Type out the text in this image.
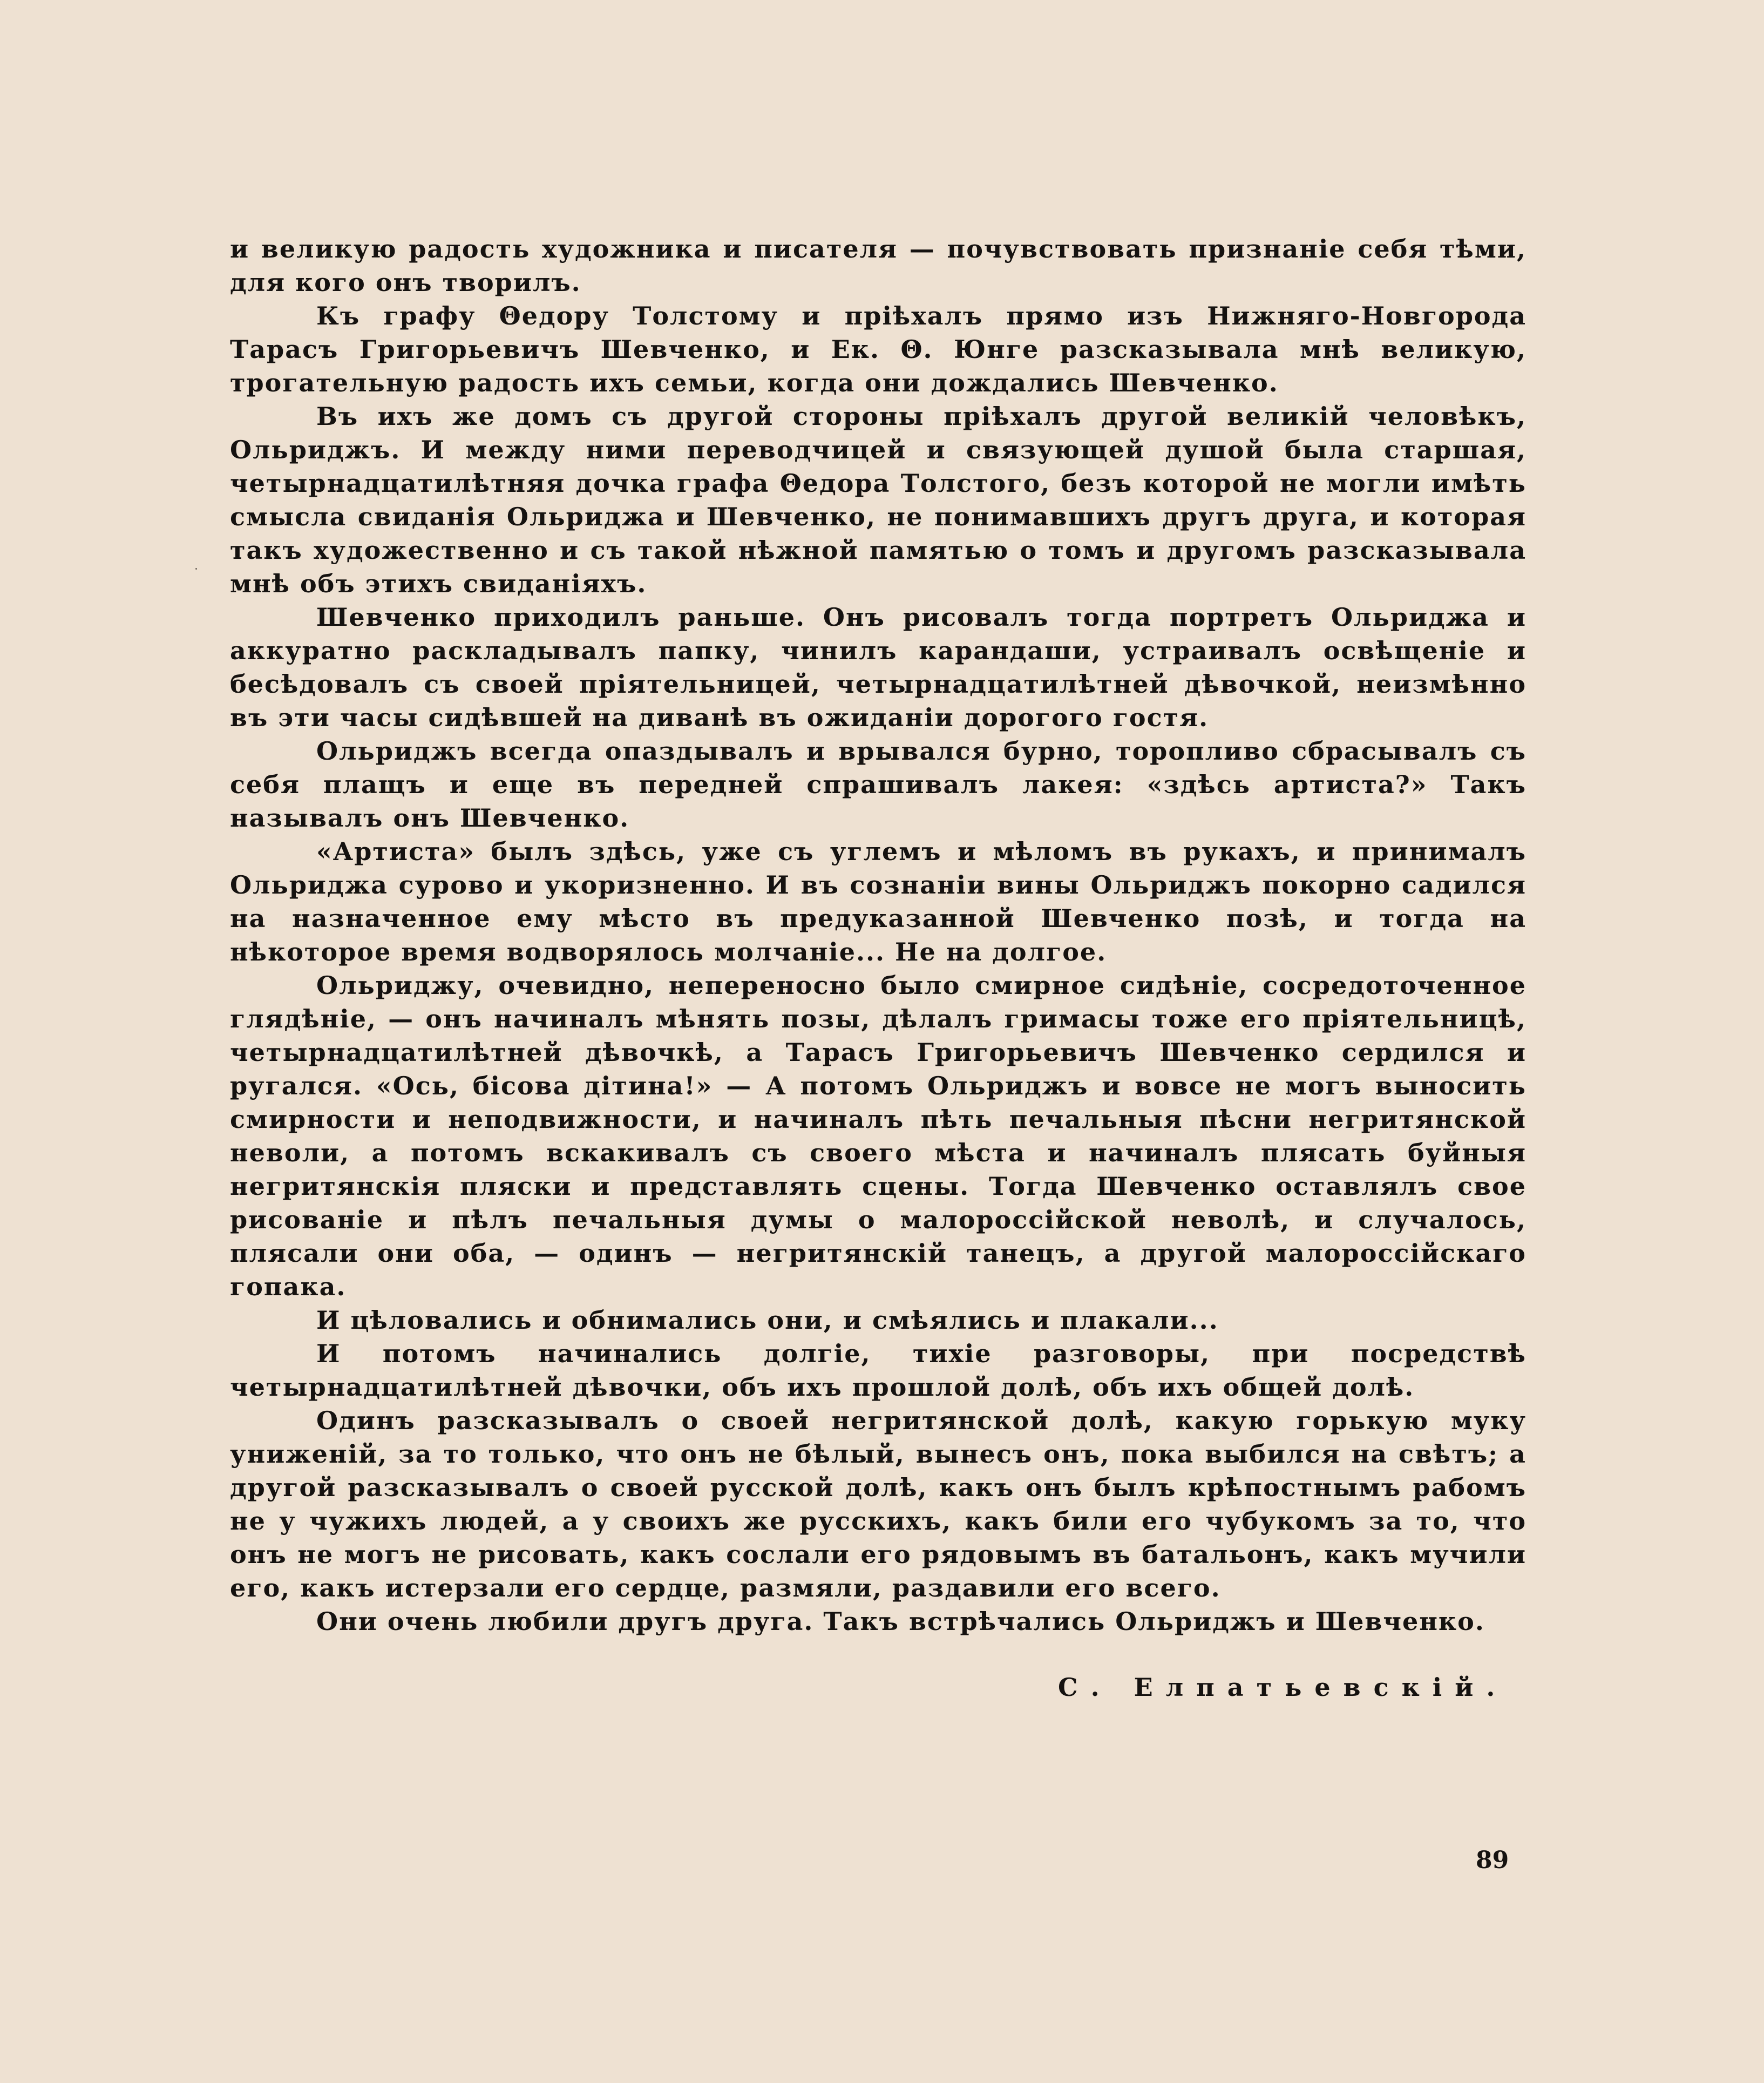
и великую радость художника и писателя — почувствовать признаніе себя тѣми, для кого онъ творилъ.

Къ графу Θедору Толстому и пріѣхалъ прямо изъ Нижняго-Новгорода Тарасъ Григорьевичъ Шевченко, и Ек. Θ. Юнге разсказывала мнѣ великую, трогательную радость ихъ семьи, когда они дождались Шевченко.

Въ ихъ же домъ съ другой стороны пріѣхалъ другой великій человѣкъ, Ольриджъ. И между ними переводчицей и связующей душой была старшая, четырнадцатилѣтняя дочка графа Θедора Толстого, безъ которой не могли имѣть смысла свиданія Ольриджа и Шевченко, не понимавшихъ другъ друга, и которая такъ художественно и съ такой нѣжной памятью о томъ и другомъ разсказывала мнѣ объ этихъ свиданіяхъ.

Шевченко приходилъ раньше. Онъ рисовалъ тогда портретъ Ольриджа и аккуратно раскладывалъ папку, чинилъ карандаши, устраивалъ освѣщеніе и бесѣдовалъ съ своей пріятельницей, четырнадцатилѣтней дѣвочкой, неизмѣнно въ эти часы сидѣвшей на диванѣ въ ожиданіи дорогого гостя.

Ольриджъ всегда опаздывалъ и врывался бурно, торопливо сбрасывалъ съ себя плащъ и еще въ передней спрашивалъ лакея: «здѣсь артиста?» Такъ называлъ онъ Шевченко.

«Артиста» былъ здѣсь, уже съ углемъ и мѣломъ въ рукахъ, и принималъ Ольриджа сурово и укоризненно. И въ сознаніи вины Ольриджъ покорно садился на назначенное ему мѣсто въ предуказанной Шевченко позѣ, и тогда на нѣкоторое время водворялось молчаніе... Не на долгое.

Ольриджу, очевидно, непереносно было смирное сидѣніе, сосредоточенное глядѣніе, — онъ начиналъ мѣнять позы, дѣлалъ гримасы тоже его пріятельницѣ, четырнадцатилѣтней дѣвочкѣ, а Тарасъ Григорьевичъ Шевченко сердился и ругался. «Ось, бісова дітина!» — А потомъ Ольриджъ и вовсе не могъ выносить смирности и неподвижности, и начиналъ пѣть печальныя пѣсни негритянской неволи, а потомъ вскакивалъ съ своего мѣста и начиналъ плясать буйныя негритянскія пляски и представлять сцены. Тогда Шевченко оставлялъ свое рисованіе и пѣлъ печальныя думы о малороссійской неволѣ, и случалось, плясали они оба, — одинъ — негритянскій танецъ, а другой малороссійскаго гопака.

И цѣловались и обнимались они, и смѣялись и плакали...

И потомъ начинались долгіе, тихіе разговоры, при посредствѣ четырнадцатилѣтней дѣвочки, объ ихъ прошлой долѣ, объ ихъ общей долѣ.

Одинъ разсказывалъ о своей негритянской долѣ, какую горькую муку униженій, за то только, что онъ не бѣлый, вынесъ онъ, пока выбился на свѣтъ; а другой разсказывалъ о своей русской долѣ, какъ онъ былъ крѣпостнымъ рабомъ не у чужихъ людей, а у своихъ же русскихъ, какъ били его чубукомъ за то, что онъ не могъ не рисовать, какъ сослали его рядовымъ въ батальонъ, какъ мучили его, какъ истерзали его сердце, размяли, раздавили его всего.

Они очень любили другъ друга. Такъ встрѣчались Ольриджъ и Шевченко.

С. Елпатьевскій.
89
